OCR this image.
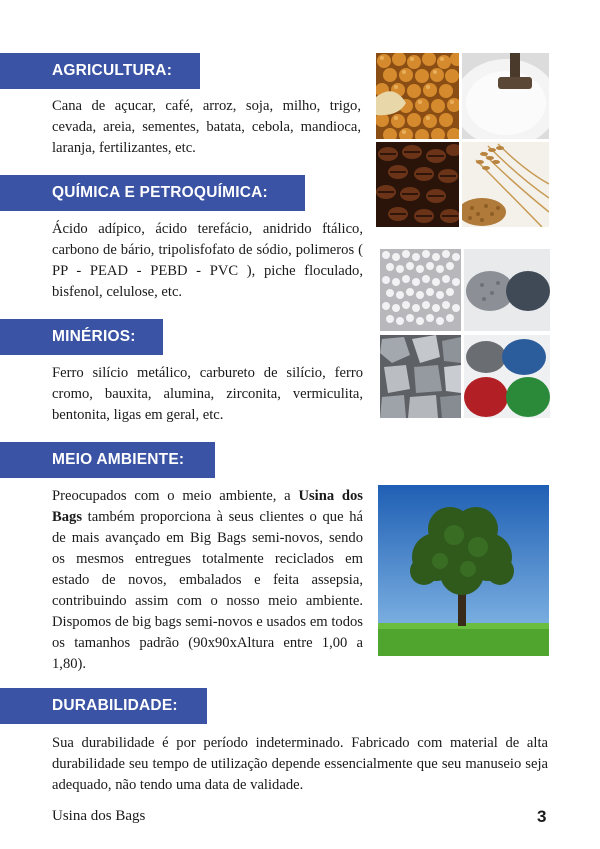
AGRICULTURA:
QUÍMICA E PETROQUÍMICA:
MINÉRIOS:
MEIO AMBIENTE:
DURABILIDADE:
Cana de açucar, café, arroz, soja, milho, trigo, cevada, areia, sementes, batata, cebola, mandioca, laranja, fertilizantes, etc.
Ácido adípico, ácido terefácio, anidrido ftálico, carbono de bário, tripolisfofato de sódio, polimeros ( PP - PEAD - PEBD - PVC ), piche floculado, bisfenol, celulose, etc.
Ferro silício metálico, carbureto de silício, ferro cromo, bauxita, alumina, zirconita, vermiculita, bentonita, ligas em geral, etc.
Preocupados com o meio ambiente, a Usina dos Bags também proporciona à seus clientes o que há de mais avançado em Big Bags semi-novos, sendo os mesmos entregues totalmente reciclados em estado de novos, embalados e feita assepsia, contribuindo assim com o nosso meio ambiente. Dispomos de big bags semi-novos e usados em todos os tamanhos padrão (90x90xAltura entre 1,00 a 1,80).
Sua durabilidade é por período indeterminado. Fabricado com material de alta durabilidade seu tempo de utilização depende essencialmente que seu manuseio seja adequado, não tendo uma data de validade.
Usina dos Bags	3
